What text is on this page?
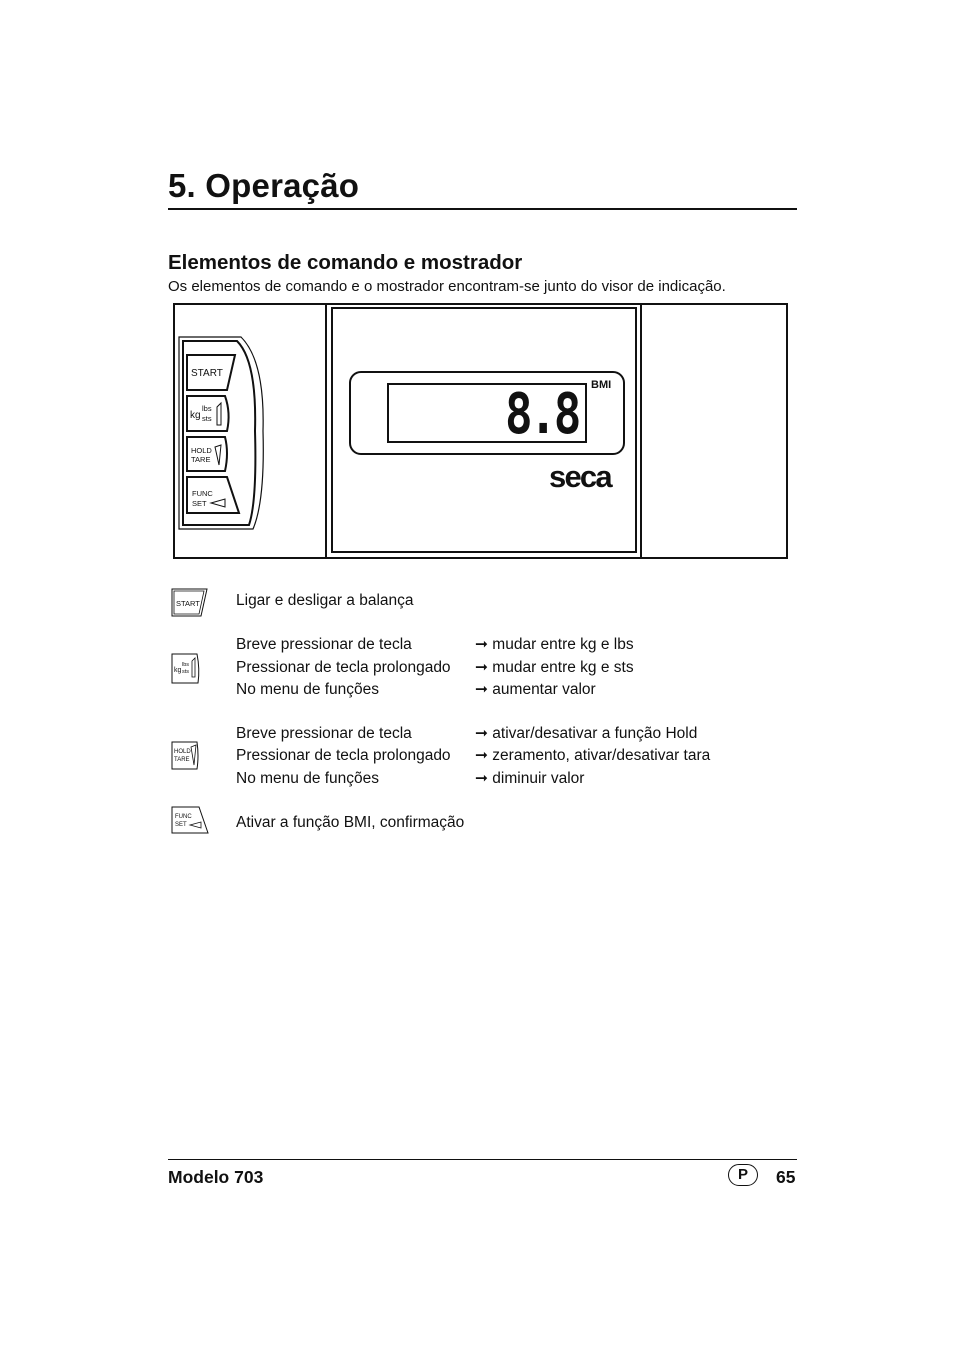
5. Operação
Elementos de comando e mostrador
Os elementos de comando e o mostrador encontram-se junto do visor de indicação.
START
kg
lbs
sts
HOLD
TARE
FUNC
SET
8.8 BMI
seca
START Ligar e desligar a balança
kg
lbs
sts
Breve pressionar de tecla	➞ mudar entre kg e lbs
Pressionar de tecla prolongado ➞ mudar entre kg e sts
No menu de funções	➞ aumentar valor
HOLD
TARE
Breve pressionar de tecla	➞ ativar/desativar a função Hold
Pressionar de tecla prolongado ➞ zeramento, ativar/desativar tara
No menu de funções	➞ diminuir valor
FUNC
SET	Ativar a função BMI, confirmação
Modelo 703	P	65
